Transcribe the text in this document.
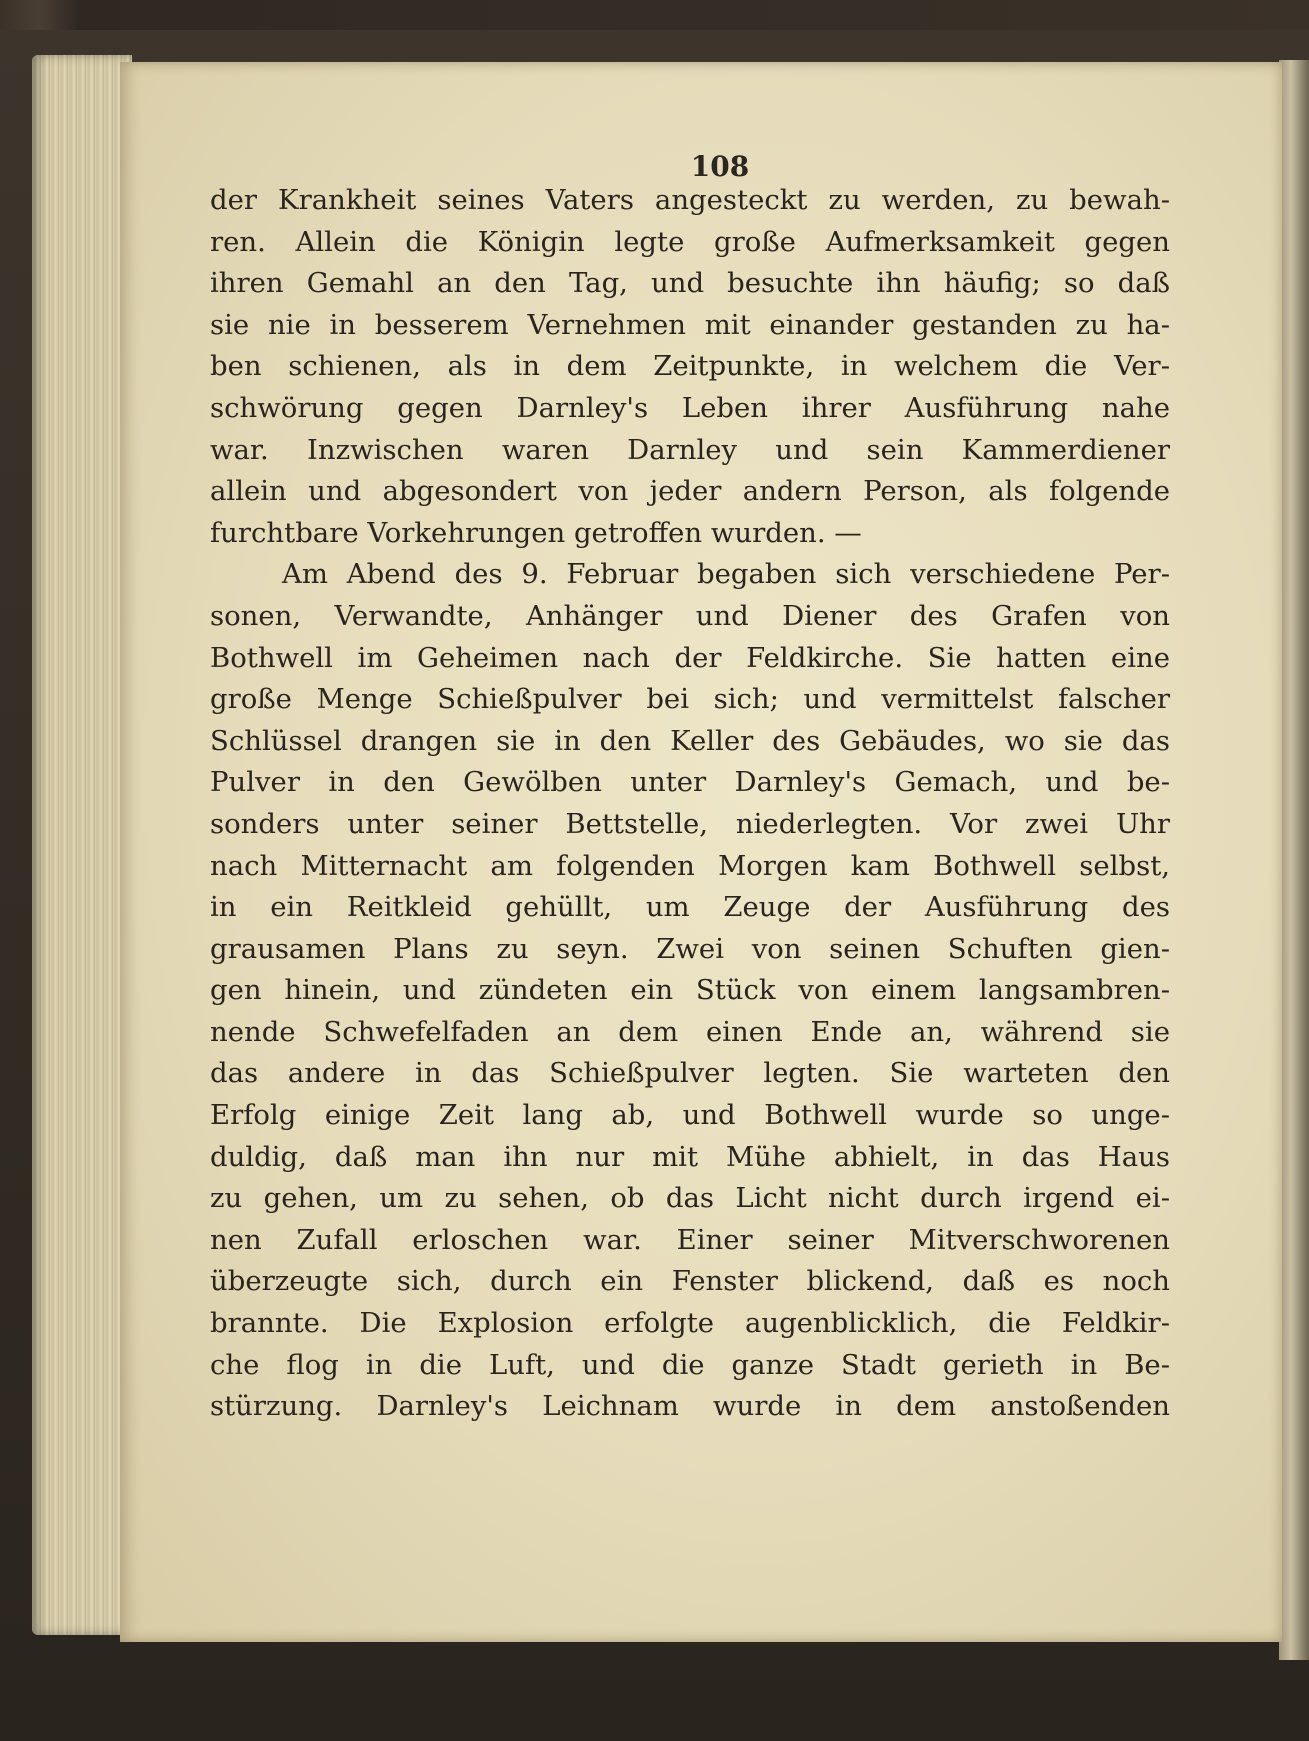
108
der Krankheit seines Vaters angesteckt zu werden, zu bewah-
ren. Allein die Königin legte große Aufmerksamkeit gegen
ihren Gemahl an den Tag, und besuchte ihn häufig; so daß
sie nie in besserem Vernehmen mit einander gestanden zu ha-
ben schienen, als in dem Zeitpunkte, in welchem die Ver-
schwörung gegen Darnley's Leben ihrer Ausführung nahe
war. Inzwischen waren Darnley und sein Kammerdiener
allein und abgesondert von jeder andern Person, als folgende
furchtbare Vorkehrungen getroffen wurden. —
Am Abend des 9. Februar begaben sich verschiedene Per-
sonen, Verwandte, Anhänger und Diener des Grafen von
Bothwell im Geheimen nach der Feldkirche. Sie hatten eine
große Menge Schießpulver bei sich; und vermittelst falscher
Schlüssel drangen sie in den Keller des Gebäudes, wo sie das
Pulver in den Gewölben unter Darnley's Gemach, und be-
sonders unter seiner Bettstelle, niederlegten. Vor zwei Uhr
nach Mitternacht am folgenden Morgen kam Bothwell selbst,
in ein Reitkleid gehüllt, um Zeuge der Ausführung des
grausamen Plans zu seyn. Zwei von seinen Schuften gien-
gen hinein, und zündeten ein Stück von einem langsambren-
nende Schwefelfaden an dem einen Ende an, während sie
das andere in das Schießpulver legten. Sie warteten den
Erfolg einige Zeit lang ab, und Bothwell wurde so unge-
duldig, daß man ihn nur mit Mühe abhielt, in das Haus
zu gehen, um zu sehen, ob das Licht nicht durch irgend ei-
nen Zufall erloschen war. Einer seiner Mitverschworenen
überzeugte sich, durch ein Fenster blickend, daß es noch
brannte. Die Explosion erfolgte augenblicklich, die Feldkir-
che flog in die Luft, und die ganze Stadt gerieth in Be-
stürzung. Darnley's Leichnam wurde in dem anstoßenden
